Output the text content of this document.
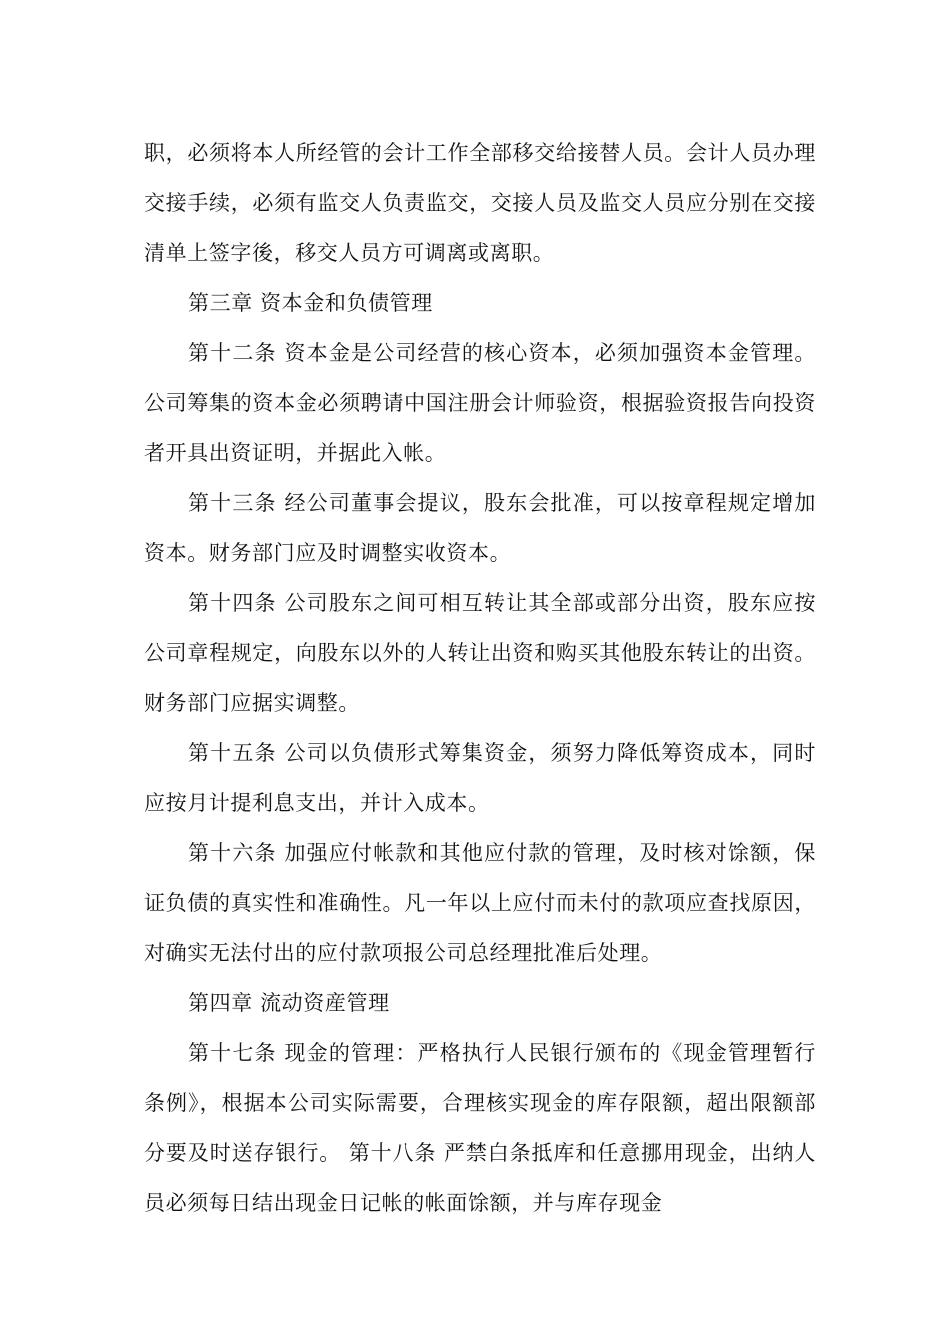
职，必须将本人所经管的会计工作全部移交给接替人员。会计人员办理交接手续，必须有监交人负责监交，交接人员及监交人员应分别在交接清单上签字後，移交人员方可调离或离职。

第三章 资本金和负债管理

第十二条 资本金是公司经营的核心资本，必须加强资本金管理。公司筹集的资本金必须聘请中国注册会计师验资，根据验资报告向投资者开具出资证明，并据此入帐。

第十三条 经公司董事会提议，股东会批准，可以按章程规定增加资本。财务部门应及时调整实收资本。

第十四条 公司股东之间可相互转让其全部或部分出资，股东应按公司章程规定，向股东以外的人转让出资和购买其他股东转让的出资。财务部门应据实调整。

第十五条 公司以负债形式筹集资金，须努力降低筹资成本，同时应按月计提利息支出，并计入成本。

第十六条 加强应付帐款和其他应付款的管理，及时核对馀额，保证负债的真实性和准确性。凡一年以上应付而未付的款项应查找原因，对确实无法付出的应付款项报公司总经理批准后处理。

第四章 流动资産管理

第十七条 现金的管理：严格执行人民银行颁布的《现金管理暂行条例》，根据本公司实际需要，合理核实现金的库存限额，超出限额部分要及时送存银行。 第十八条 严禁白条抵库和任意挪用现金，出纳人员必须每日结出现金日记帐的帐面馀额，并与库存现金
